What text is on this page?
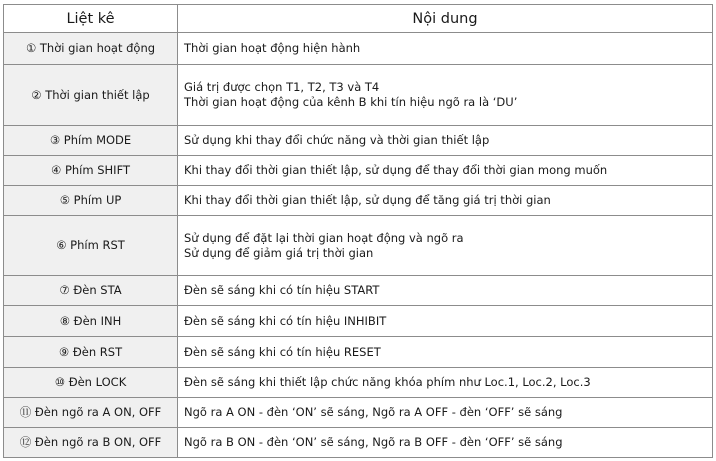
Liệt kê	Nội dung
① Thời gian hoạt động	Thời gian hoạt động hiện hành

② Thời gian thiết lập	Giá trị được chọn T1, T2, T3 và T4
Thời gian hoạt động của kênh B khi tín hiệu ngõ ra là ‘DU’

③ Phím MODE	Sử dụng khi thay đổi chức năng và thời gian thiết lập

④ Phím SHIFT	Khi thay đổi thời gian thiết lập, sử dụng để thay đổi thời gian mong muốn

⑤ Phím UP	Khi thay đổi thời gian thiết lập, sử dụng để tăng giá trị thời gian

⑥ Phím RST	Sử dụng để đặt lại thời gian hoạt động và ngõ ra
Sử dụng để giảm giá trị thời gian

⑦ Đèn STA	Đèn sẽ sáng khi có tín hiệu START

⑧ Đèn INH	Đèn sẽ sáng khi có tín hiệu INHIBIT

⑨ Đèn RST	Đèn sẽ sáng khi có tín hiệu RESET

⑩ Đèn LOCK	Đèn sẽ sáng khi thiết lập chức năng khóa phím như Loc.1, Loc.2, Loc.3

⑪ Đèn ngõ ra A ON, OFF	Ngõ ra A ON - đèn ‘ON’ sẽ sáng, Ngõ ra A OFF - đèn ‘OFF’ sẽ sáng

⑫ Đèn ngõ ra B ON, OFF	Ngõ ra B ON - đèn ‘ON’ sẽ sáng, Ngõ ra B OFF - đèn ‘OFF’ sẽ sáng
